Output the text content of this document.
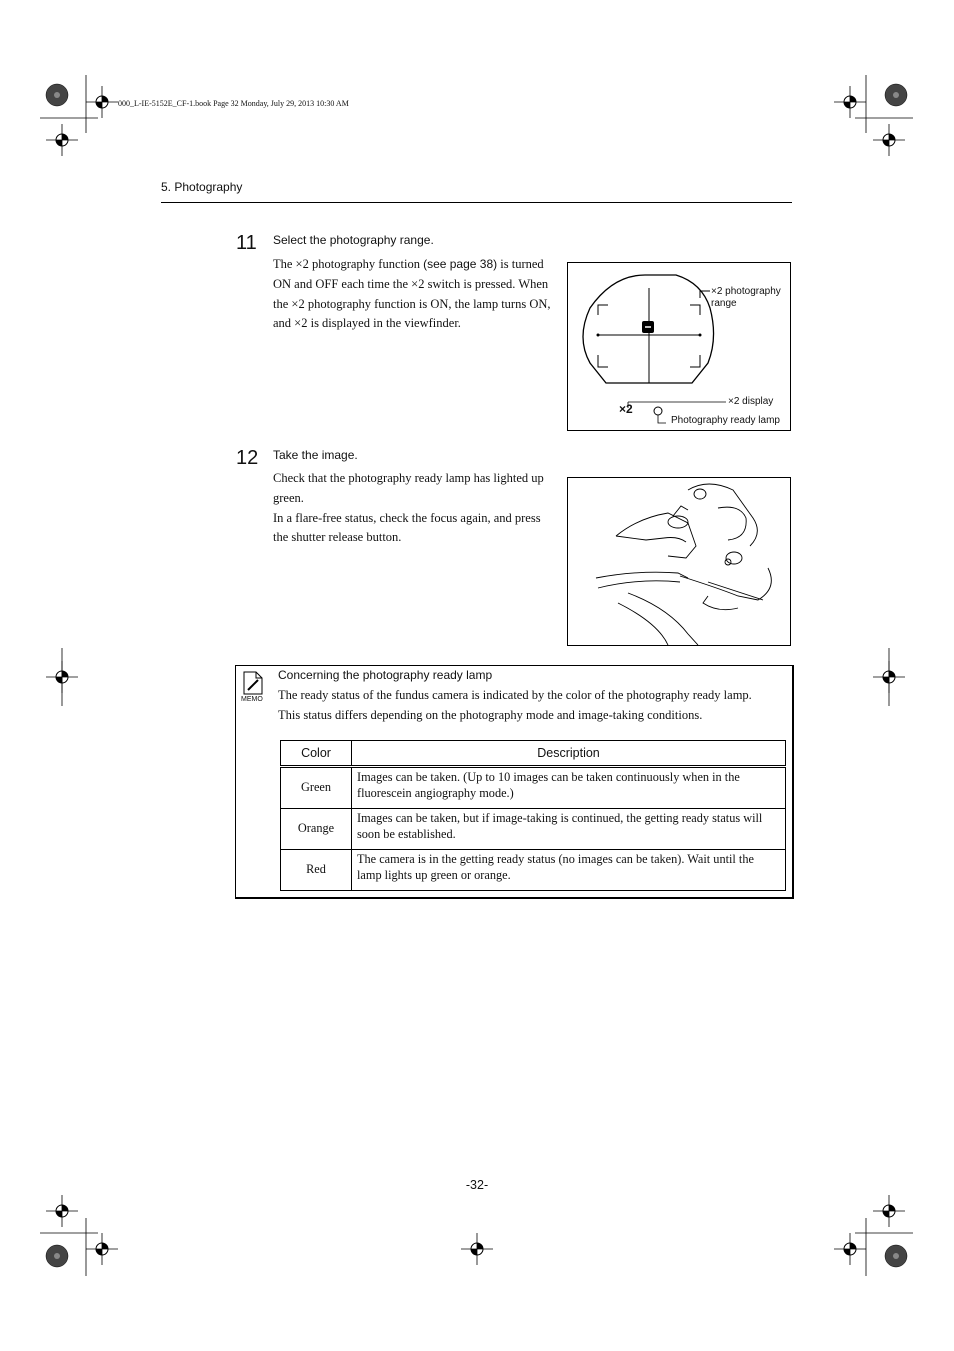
000_L-IE-5152E_CF-1.book Page 32 Monday, July 29, 2013 10:30 AM
5. Photography
11 Select the photography range.
The ×2 photography function (see page 38) is turned ON and OFF each time the ×2 switch is pressed. When the ×2 photography function is ON, the lamp turns ON, and ×2 is displayed in the viewfinder.
×2
×2 photography
range
×2 display
Photography ready lamp
12 Take the image.
Check that the photography ready lamp has lighted up green.
In a flare-free status, check the focus again, and press the shutter release button.
MEMO
Concerning the photography ready lamp
The ready status of the fundus camera is indicated by the color of the photography ready lamp.
This status differs depending on the photography mode and image-taking conditions.
Color	Description
Green	Images can be taken. (Up to 10 images can be taken continuously when in the fluorescein angiography mode.)
Orange	Images can be taken, but if image-taking is continued, the getting ready status will soon be established.
Red	The camera is in the getting ready status (no images can be taken). Wait until the lamp lights up green or orange.
-32-
